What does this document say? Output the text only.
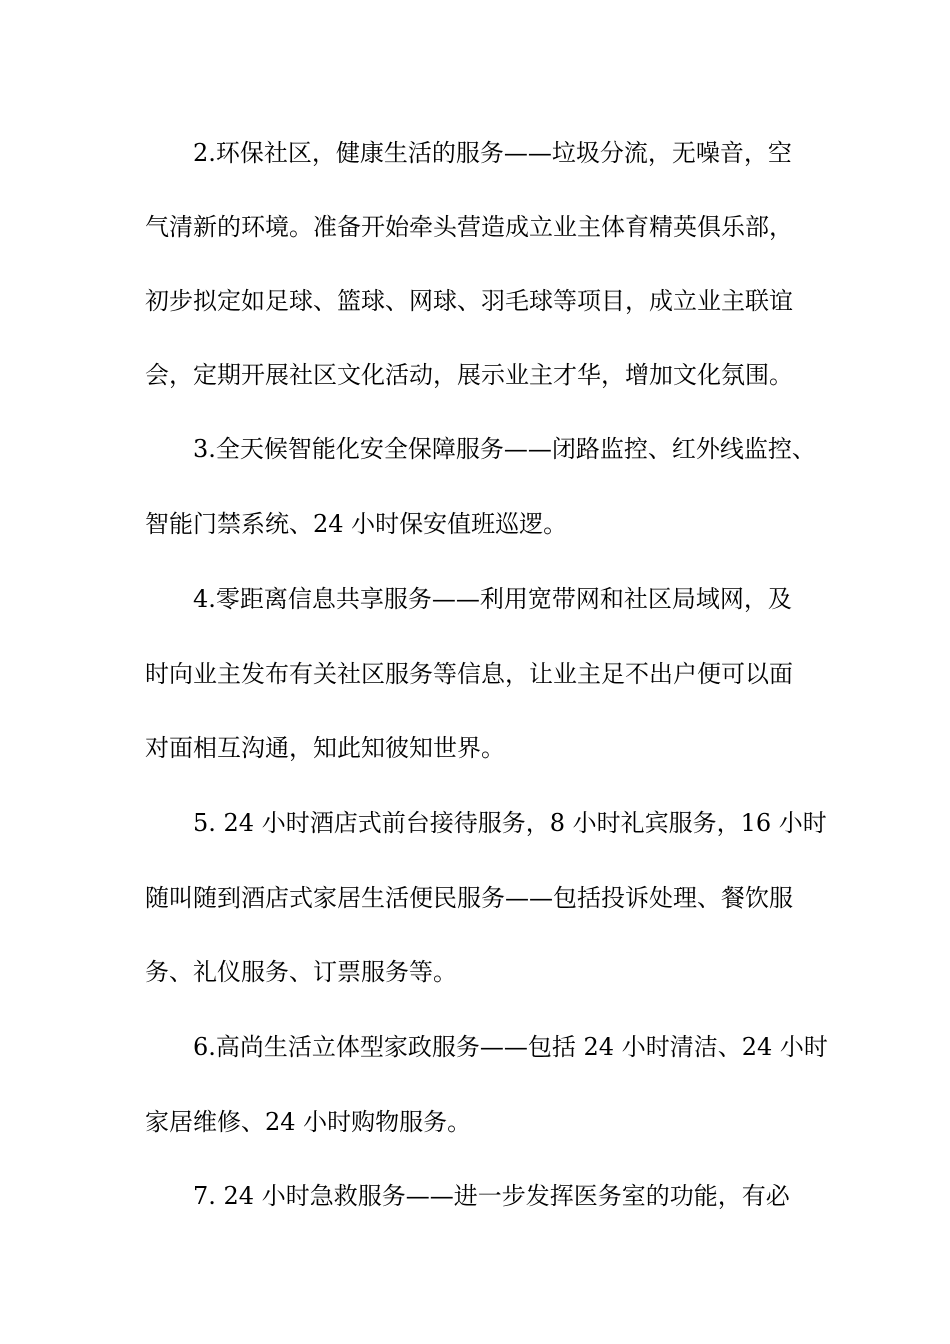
2.环保社区，健康生活的服务——垃圾分流，无噪音，空
气清新的环境。准备开始牵头营造成立业主体育精英俱乐部，
初步拟定如足球、篮球、网球、羽毛球等项目，成立业主联谊
会，定期开展社区文化活动，展示业主才华，增加文化氛围。
3.全天候智能化安全保障服务——闭路监控、红外线监控、
智能门禁系统、24 小时保安值班巡逻。
4.零距离信息共享服务——利用宽带网和社区局域网，及
时向业主发布有关社区服务等信息，让业主足不出户便可以面
对面相互沟通，知此知彼知世界。
5. 24 小时酒店式前台接待服务，8 小时礼宾服务，16 小时
随叫随到酒店式家居生活便民服务——包括投诉处理、餐饮服
务、礼仪服务、订票服务等。
6.高尚生活立体型家政服务——包括 24 小时清洁、24 小时
家居维修、24 小时购物服务。
7. 24 小时急救服务——进一步发挥医务室的功能，有必
